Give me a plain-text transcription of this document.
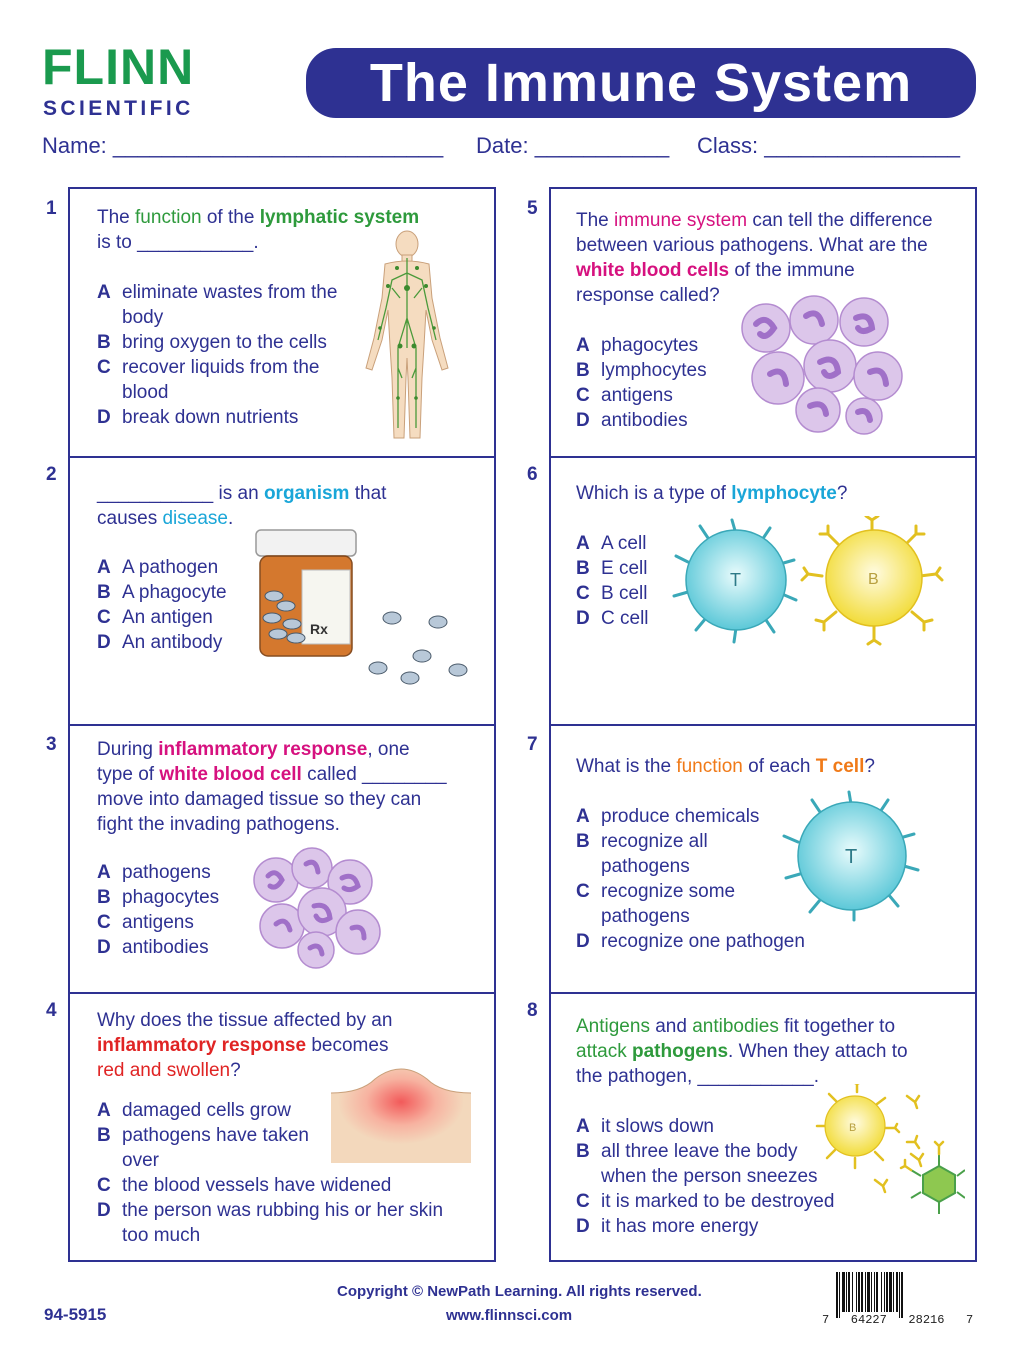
FLINN
SCIENTIFIC	The Immune System
Name: ___________________________ Date: ___________ Class: ________________
1
2
3
4
5
6
7
8
The function of the lymphatic system
is to ___________.
A eliminate wastes from the body
B bring oxygen to the cells
C recover liquids from the blood
D break down nutrients
___________ is an organism that
causes disease.
A A pathogen
B A phagocyte
C An antigen
D An antibody
Rx
During inflammatory response, one
type of white blood cell called ________
move into damaged tissue so they can
fight the invading pathogens.
A pathogens
B phagocytes
C antigens
D antibodies
Why does the tissue affected by an
inflammatory response becomes
red and swollen?
A damaged cells grow
B pathogens have taken over
C the blood vessels have widened
D the person was rubbing his or her skin too much
The immune system can tell the difference
between various pathogens. What are the
white blood cells of the immune
response called?
A phagocytes
B lymphocytes
C antigens
D antibodies
Which is a type of lymphocyte?
A A cell
B E cell
C B cell
D C cell
T	B
What is the function of each T cell?
A produce chemicals
B recognize all pathogens
C recognize some pathogens
D recognize one pathogen
T
Antigens and antibodies fit together to
attack pathogens. When they attach to
the pathogen, ___________.
A it slows down
B all three leave the body when the person sneezes
C it is marked to be destroyed
D it has more energy
B
94-5915
Copyright © NewPath Learning. All rights reserved.
www.flinnsci.com	7   64227   28216   7
